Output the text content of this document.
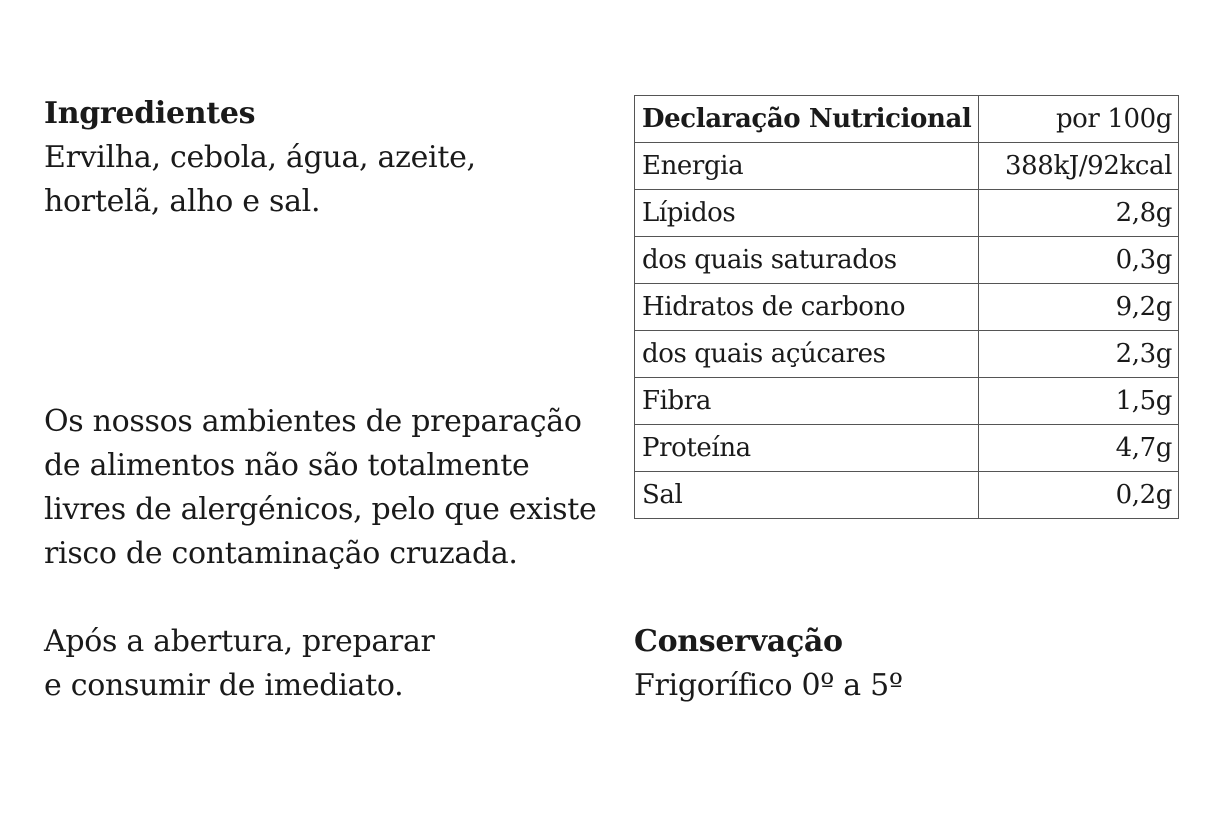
Ingredientes
Ervilha, cebola, água, azeite,
hortelã, alho e sal.
Os nossos ambientes de preparação
de alimentos não são totalmente
livres de alergénicos, pelo que existe
risco de contaminação cruzada.
Após a abertura, preparar
e consumir de imediato.
Conservação
Frigorífico 0º a 5º
Declaração Nutricional	por 100g
Energia	388kJ/92kcal
Lípidos	2,8g
dos quais saturados	0,3g
Hidratos de carbono	9,2g
dos quais açúcares	2,3g
Fibra	1,5g
Proteína	4,7g
Sal	0,2g
